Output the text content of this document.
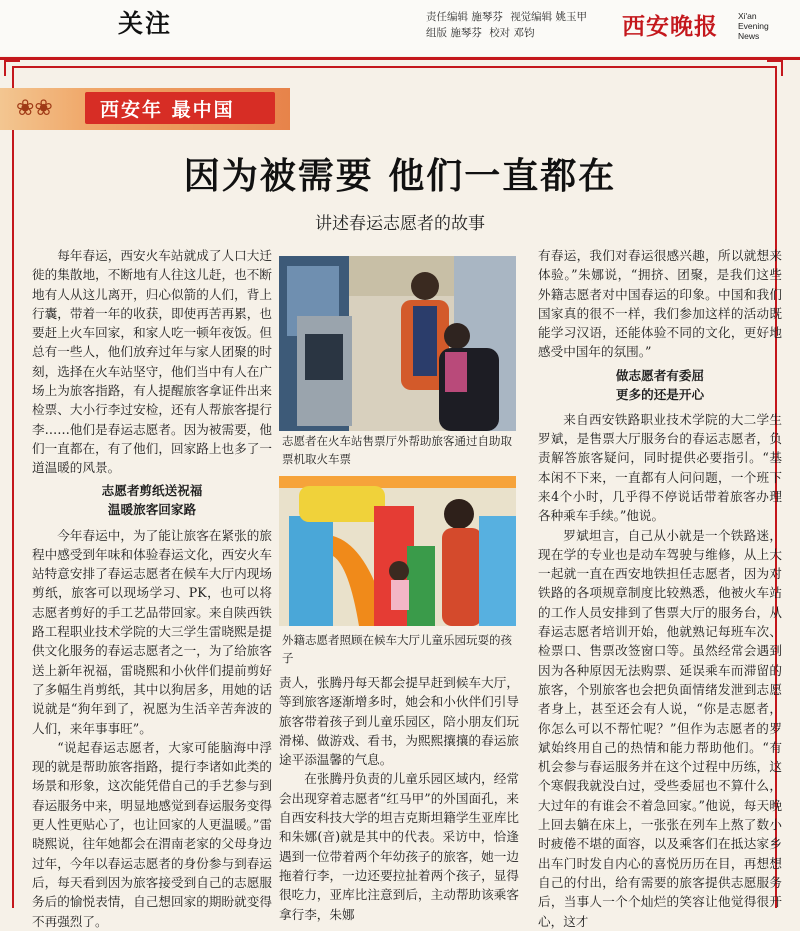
关注	责任编辑 施琴芬 视觉编辑 姚玉甲
组版 施琴芬 校对 邓钧	西安晚报 Xi'an
Evening
News
❀❀ 西安年 最中国
因为被需要 他们一直都在
讲述春运志愿者的故事

每年春运，西安火车站就成了人口大迁徙的集散地，不断地有人往这儿赶，也不断地有人从这儿离开，归心似箭的人们，背上行囊，带着一年的收获，即使再苦再累，也要赶上火车回家，和家人吃一顿年夜饭。但总有一些人，他们放弃过年与家人团聚的时刻，选择在火车站坚守，他们当中有人在广场上为旅客指路，有人提醒旅客拿证件出来检票、大小行李过安检，还有人帮旅客提行李……他们是春运志愿者。因为被需要，他们一直都在，有了他们，回家路上也多了一道温暖的风景。

志愿者剪纸送祝福
温暖旅客回家路

今年春运中，为了能让旅客在紧张的旅程中感受到年味和体验春运文化，西安火车站特意安排了春运志愿者在候车大厅内现场剪纸，旅客可以现场学习、PK，也可以将志愿者剪好的手工艺品带回家。来自陕西铁路工程职业技术学院的大三学生雷晓熙是提供文化服务的春运志愿者之一，为了给旅客送上新年祝福，雷晓熙和小伙伴们提前剪好了多幅生肖剪纸，其中以狗居多，用她的话说就是“狗年到了，祝愿为生活辛苦奔波的人们，来年事事旺”。

“说起春运志愿者，大家可能脑海中浮现的就是帮助旅客指路，提行李诸如此类的场景和形象，这次能凭借自己的手艺参与到春运服务中来，明显地感觉到春运服务变得更人性更贴心了，也让回家的人更温暖。”雷晓熙说，往年她都会在渭南老家的父母身边过年，今年以春运志愿者的身份参与到春运后，每天看到因为旅客接受到自己的志愿服务后的愉悦表情，自己想回家的期盼就变得不再强烈了。

志愿者在火车站售票厅外帮助旅客通过自助取票机取火车票
外籍志愿者照顾在候车大厅儿童乐园玩耍的孩子

责人，张腾丹每天都会提早赶到候车大厅，等到旅客逐渐增多时，她会和小伙伴们引导旅客带着孩子到儿童乐园区，陪小朋友们玩滑梯、做游戏、看书，为熙熙攘攘的春运旅途平添温馨的气息。

在张腾丹负责的儿童乐园区域内，经常会出现穿着志愿者“红马甲”的外国面孔，来自西安科技大学的坦吉克斯坦籍学生亚库比和朱娜(音)就是其中的代表。采访中，恰逢遇到一位带着两个年幼孩子的旅客，她一边拖着行李，一边还要拉扯着两个孩子，显得很吃力，亚库比注意到后，主动帮助该乘客拿行李，朱娜

有春运，我们对春运很感兴趣，所以就想来体验。”朱娜说，“拥挤、团聚，是我们这些外籍志愿者对中国春运的印象。中国和我们国家真的很不一样，我们参加这样的活动既能学习汉语，还能体验不同的文化，更好地感受中国年的氛围。”

做志愿者有委屈
更多的还是开心

来自西安铁路职业技术学院的大二学生罗斌，是售票大厅服务台的春运志愿者，负责解答旅客疑问，同时提供必要指引。“基本闲不下来，一直都有人问问题，一个班下来4个小时，几乎得不停说话带着旅客办理各种乘车手续。”他说。

罗斌坦言，自己从小就是一个铁路迷，现在学的专业也是动车驾驶与维修，从上大一起就一直在西安地铁担任志愿者，因为对铁路的各项规章制度比较熟悉，他被火车站的工作人员安排到了售票大厅的服务台，从春运志愿者培训开始，他就熟记每班车次、检票口、售票改签窗口等。虽然经常会遇到因为各种原因无法购票、延误乘车而滞留的旅客，个别旅客也会把负面情绪发泄到志愿者身上，甚至还会有人说，“你是志愿者，你怎么可以不帮忙呢？”但作为志愿者的罗斌始终用自己的热情和能力帮助他们。“有机会参与春运服务并在这个过程中历练，这个寒假我就没白过，受些委屈也不算什么，大过年的有谁会不着急回家。”他说，每天晚上回去躺在床上，一张张在列车上熬了数小时疲倦不堪的面容，以及乘客们在抵达家乡出车门时发自内心的喜悦历历在目，再想想自己的付出，给有需要的旅客提供志愿服务后，当事人一个个灿烂的笑容让他觉得很开心，这才
